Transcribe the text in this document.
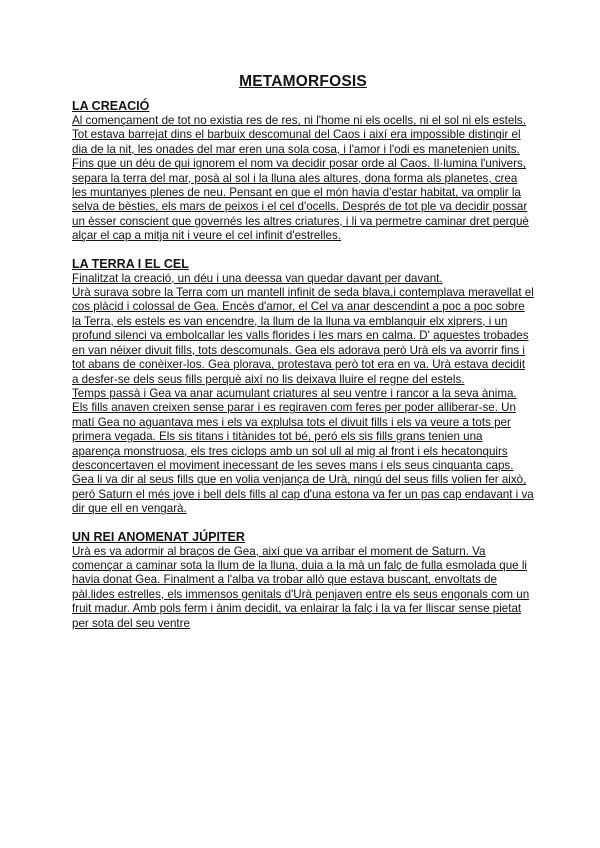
METAMORFOSIS
LA CREACIÓ

Al començament de tot no existia res de res, ni l'home ni els ocells, ni el sol ni els estels. Tot estava barrejat dins el barbuix descomunal del Caos i així era impossible distingir el dia de la nit, les onades del mar eren una sola cosa, i l'amor i l'odi es manetenien units.

Fins que un déu de qui ignorem el nom va decidir posar orde al Caos. Il·lumina l'univers, separa la terra del mar, posà al sol i la lluna ales altures, dona forma als planetes, crea les muntanyes plenes de neu. Pensant en que el món havia d'estar habitat, va omplir la selva de bèsties, els mars de peixos i el cel d'ocells. Després de tot ple va decidir possar un èsser conscient que governés les altres criatures, i li va permetre caminar dret perquè alçar el cap a mitja nit i veure el cel infinit d'estrelles.

LA TERRA I EL CEL

Finalitzat la creació, un déu i una deessa van quedar davant per davant.

Urà surava sobre la Terra com un mantell infinit de seda blava,i contemplava meravellat el cos plàcid i colossal de Gea. Encès d'amor, el Cel va anar descendint a poc a poc sobre la Terra, els estels es van encendre, la llum de la lluna va emblanquir elx xiprers, i un profund silenci va embolcallar les valls florides i les mars en calma. D' aquestes trobades en van néixer divuit fills, tots descomunals. Gea els adorava però Urà els va avorrir fins i tot abans de conèixer-los. Gea plorava, protestava però tot era en va. Urà estava decidit a desfer-se dels seus fills perquè així no lis deixava lluire el regne del estels.

Temps passà i Gea va anar acumulant criatures al seu ventre i rancor a la seva ànima. Els fills anaven creixen sense parar i es regiraven com feres per poder alliberar-se. Un matí Gea no aguantava mes i els va explulsa tots el divuit fills i els va veure a tots per primera vegada. Els sis titans i titànides tot bé, peró els sis fills grans tenien una aparença monstruosa, els tres ciclops amb un sol ull al mig al front i els hecatonquirs desconcertaven el moviment inecessant de les seves mans i els seus cinquanta caps.

Gea li va dir al seus fills que en volia venjança de Urà, ningú del seus fills volien fer això, peró Saturn el més jove i bell dels fills al cap d'una estona va fer un pas cap endavant i va dir que ell en vengarà.

UN REI ANOMENAT JÚPITER

Urà es va adormir al braços de Gea, així que va arribar el moment de Saturn. Va començar a caminar sota la llum de la lluna, duia a la mà un falç de fulla esmolada que li havia donat Gea. Finalment a l'alba va trobar allò que estava buscant, envoltats de pàl.lides estrelles, els immensos genitals d'Urà penjaven entre els seus engonals com un fruit madur. Amb pols ferm i ànim decidit, va enlairar la falç i la va fer lliscar sense pietat per sota del seu ventre
